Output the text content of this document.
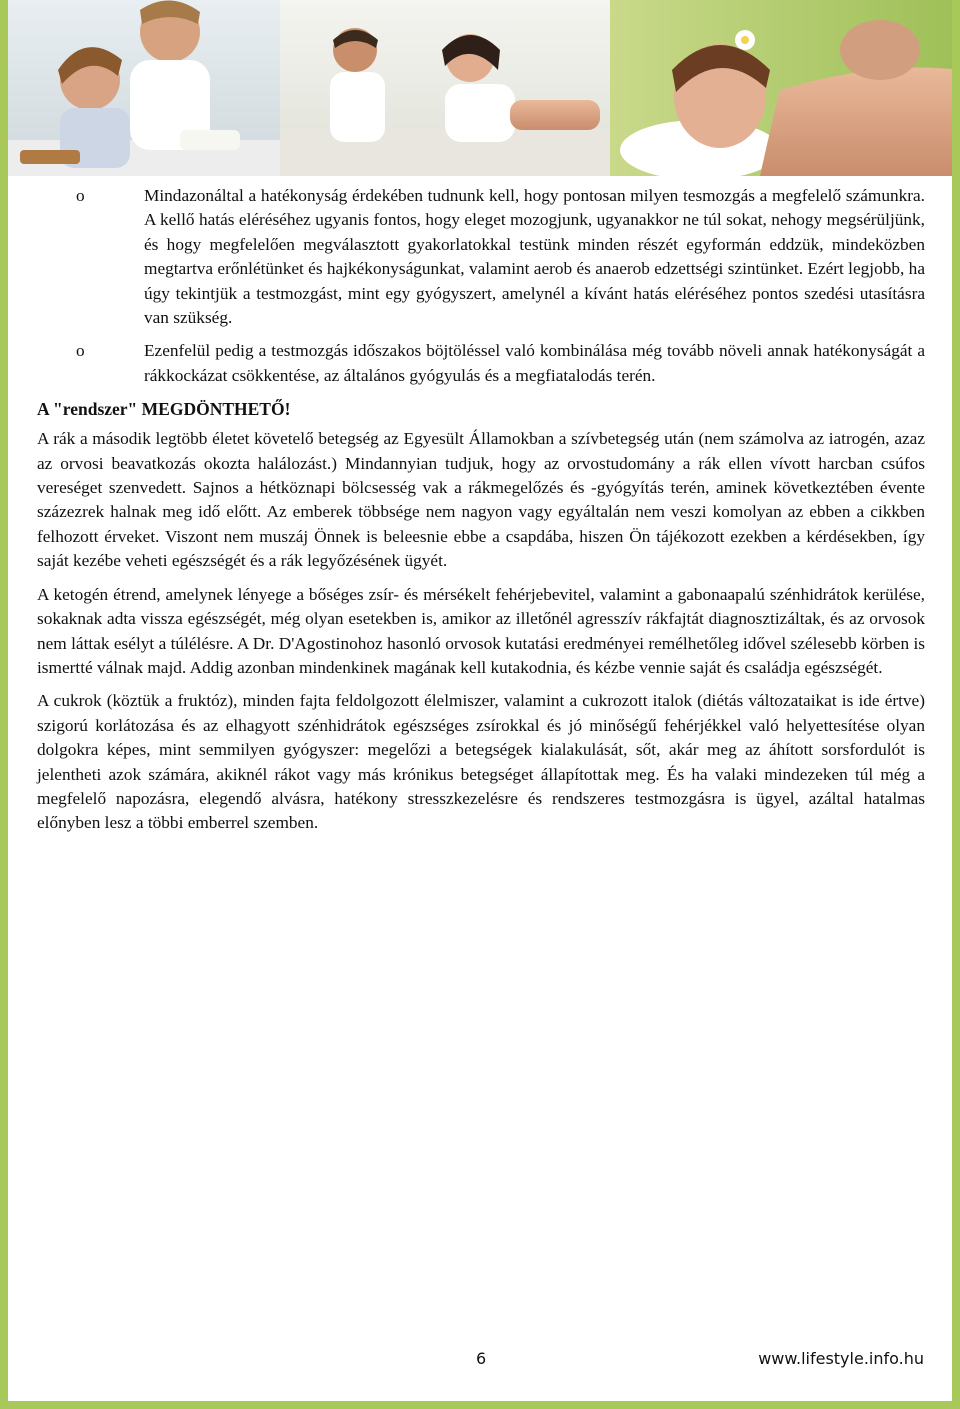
o	Mindazonáltal a hatékonyság érdekében tudnunk kell, hogy pontosan milyen tesmozgás a megfelelő számunkra. A kellő hatás eléréséhez ugyanis fontos, hogy eleget mozogjunk, ugyanakkor ne túl sokat, nehogy megsérüljünk, és hogy megfelelően megválasztott gyakorlatokkal testünk minden részét egyformán eddzük, mindeközben megtartva erőnlétünket és hajkékonyságunkat, valamint aerob és anaerob edzettségi szintünket. Ezért legjobb, ha úgy tekintjük a testmozgást, mint egy gyógyszert, amelynél a kívánt hatás eléréséhez pontos szedési utasításra van szükség.
o	Ezenfelül pedig a testmozgás időszakos böjtöléssel való kombinálása még tovább növeli annak hatékonyságát a rákkockázat csökkentése, az általános gyógyulás és a megfiatalodás terén.
A "rendszer" MEGDÖNTHETŐ!

A rák a második legtöbb életet követelő betegség az Egyesült Államokban a szívbetegség után (nem számolva az iatrogén, azaz az orvosi beavatkozás okozta halálozást.) Mindannyian tudjuk, hogy az orvostudomány a rák ellen vívott harcban csúfos vereséget szenvedett. Sajnos a hétköznapi bölcsesség vak a rákmegelőzés és -gyógyítás terén, aminek következtében évente százezrek halnak meg idő előtt. Az emberek többsége nem nagyon vagy egyáltalán nem veszi komolyan az ebben a cikkben felhozott érveket. Viszont nem muszáj Önnek is beleesnie ebbe a csapdába, hiszen Ön tájékozott ezekben a kérdésekben, így saját kezébe veheti egészségét és a rák legyőzésének ügyét.

A ketogén étrend, amelynek lényege a bőséges zsír- és mérsékelt fehérjebevitel, valamint a gabonaapalú szénhidrátok kerülése, sokaknak adta vissza egészségét, még olyan esetekben is, amikor az illetőnél agresszív rákfajtát diagnosztizáltak, és az orvosok nem láttak esélyt a túlélésre. A Dr. D'Agostinohoz hasonló orvosok kutatási eredményei remélhetőleg idővel szélesebb körben is ismertté válnak majd. Addig azonban mindenkinek magának kell kutakodnia, és kézbe vennie saját és családja egészségét.

A cukrok (köztük a fruktóz), minden fajta feldolgozott élelmiszer, valamint a cukrozott italok (diétás változataikat is ide értve) szigorú korlátozása és az elhagyott szénhidrátok egészséges zsírokkal és jó minőségű fehérjékkel való helyettesítése olyan dolgokra képes, mint semmilyen gyógyszer: megelőzi a betegségek kialakulását, sőt, akár meg az áhított sorsfordulót is jelentheti azok számára, akiknél rákot vagy más krónikus betegséget állapítottak meg. És ha valaki mindezeken túl még a megfelelő napozásra, elegendő alvásra, hatékony stresszkezelésre és rendszeres testmozgásra is ügyel, azáltal hatalmas előnyben lesz a többi emberrel szemben.

6	www.lifestyle.info.hu
